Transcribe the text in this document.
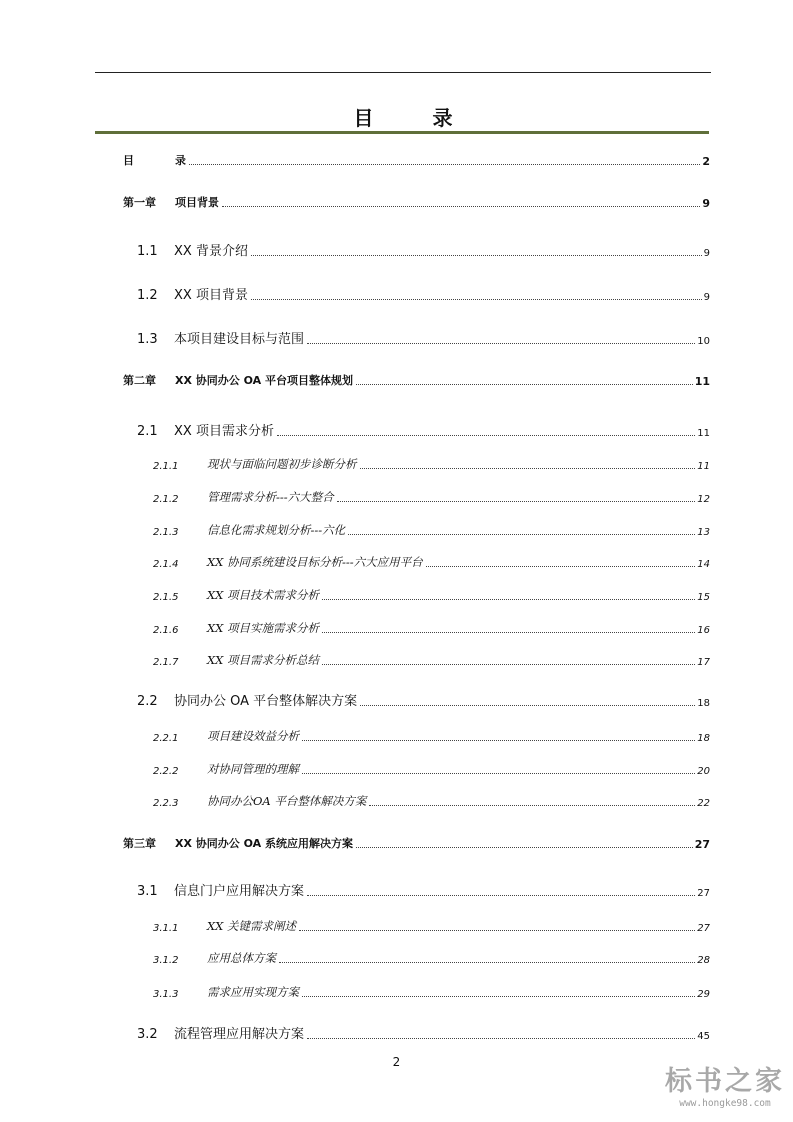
目 录
目	录	2
第一章	项目背景	9
1.1	XX 背景介绍	9
1.2	XX 项目背景	9
1.3	本项目建设目标与范围	10
第二章	XX 协同办公 OA 平台项目整体规划	11
2.1	XX 项目需求分析	11
2.1.1	现状与面临问题初步诊断分析	11
2.1.2	管理需求分析---六大整合	12
2.1.3	信息化需求规划分析---六化	13
2.1.4	XX 协同系统建设目标分析---六大应用平台	14
2.1.5	XX 项目技术需求分析	15
2.1.6	XX 项目实施需求分析	16
2.1.7	XX 项目需求分析总结	17
2.2	协同办公 OA 平台整体解决方案	18
2.2.1	项目建设效益分析	18
2.2.2	对协同管理的理解	20
2.2.3	协同办公OA 平台整体解决方案	22
第三章	XX 协同办公 OA 系统应用解决方案	27
3.1	信息门户应用解决方案	27
3.1.1	XX 关键需求阐述	27
3.1.2	应用总体方案	28
3.1.3	需求应用实现方案	29
3.2	流程管理应用解决方案	45
2
标书之家
www.hongke98.com
